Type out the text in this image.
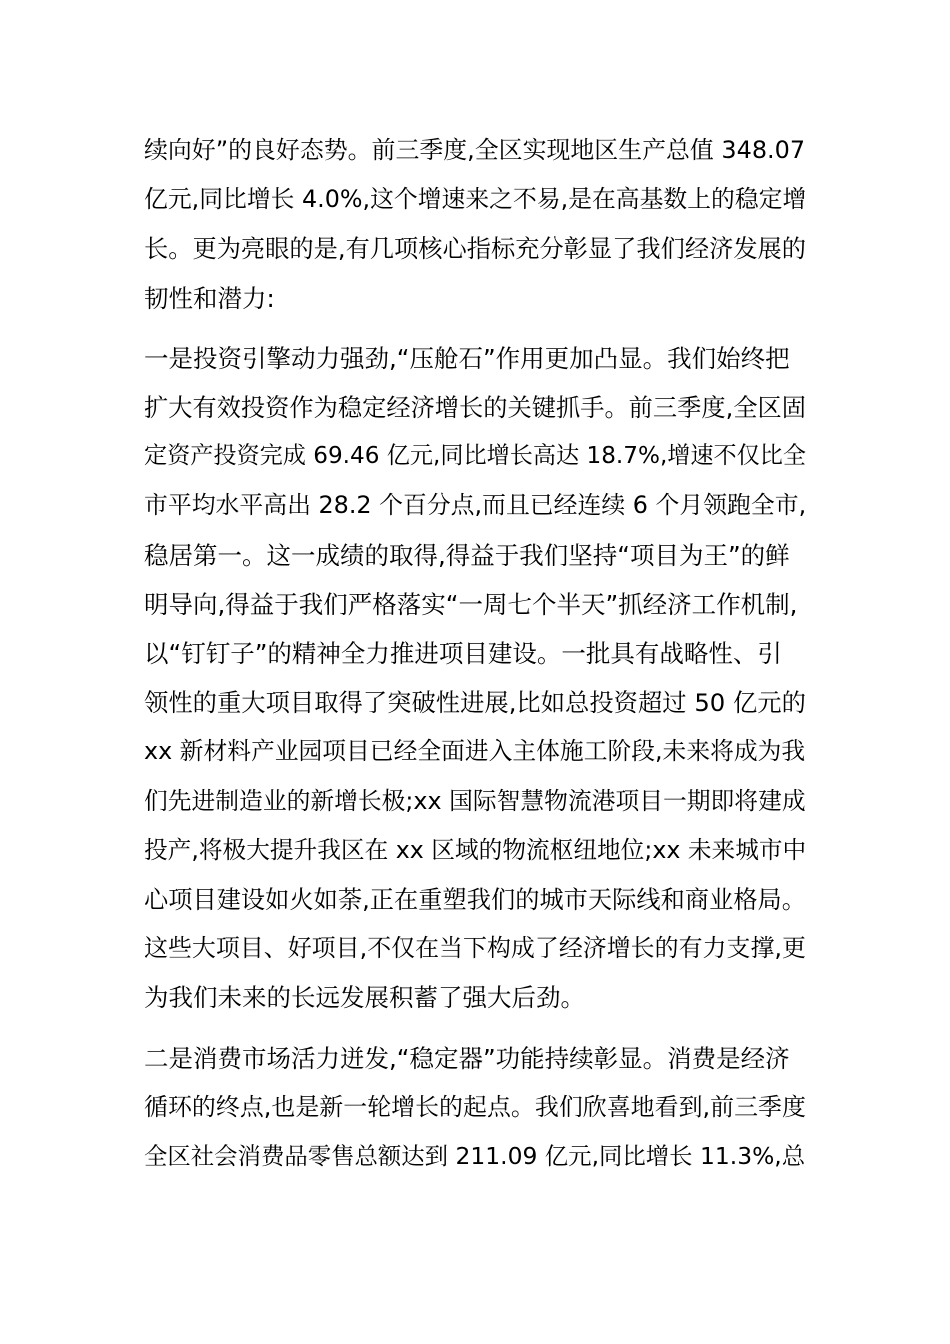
续向好”的良好态势。前三季度,全区实现地区生产总值 348.07
亿元,同比增长 4.0%,这个增速来之不易,是在高基数上的稳定增
长。更为亮眼的是,有几项核心指标充分彰显了我们经济发展的
韧性和潜力:

一是投资引擎动力强劲,“压舱石”作用更加凸显。我们始终把
扩大有效投资作为稳定经济增长的关键抓手。前三季度,全区固
定资产投资完成 69.46 亿元,同比增长高达 18.7%,增速不仅比全
市平均水平高出 28.2 个百分点,而且已经连续 6 个月领跑全市,
稳居第一。这一成绩的取得,得益于我们坚持“项目为王”的鲜
明导向,得益于我们严格落实“一周七个半天”抓经济工作机制,
以“钉钉子”的精神全力推进项目建设。一批具有战略性、引
领性的重大项目取得了突破性进展,比如总投资超过 50 亿元的
xx 新材料产业园项目已经全面进入主体施工阶段,未来将成为我
们先进制造业的新增长极;xx 国际智慧物流港项目一期即将建成
投产,将极大提升我区在 xx 区域的物流枢纽地位;xx 未来城市中
心项目建设如火如荼,正在重塑我们的城市天际线和商业格局。
这些大项目、好项目,不仅在当下构成了经济增长的有力支撑,更
为我们未来的长远发展积蓄了强大后劲。

二是消费市场活力迸发,“稳定器”功能持续彰显。消费是经济
循环的终点,也是新一轮增长的起点。我们欣喜地看到,前三季度
全区社会消费品零售总额达到 211.09 亿元,同比增长 11.3%,总
